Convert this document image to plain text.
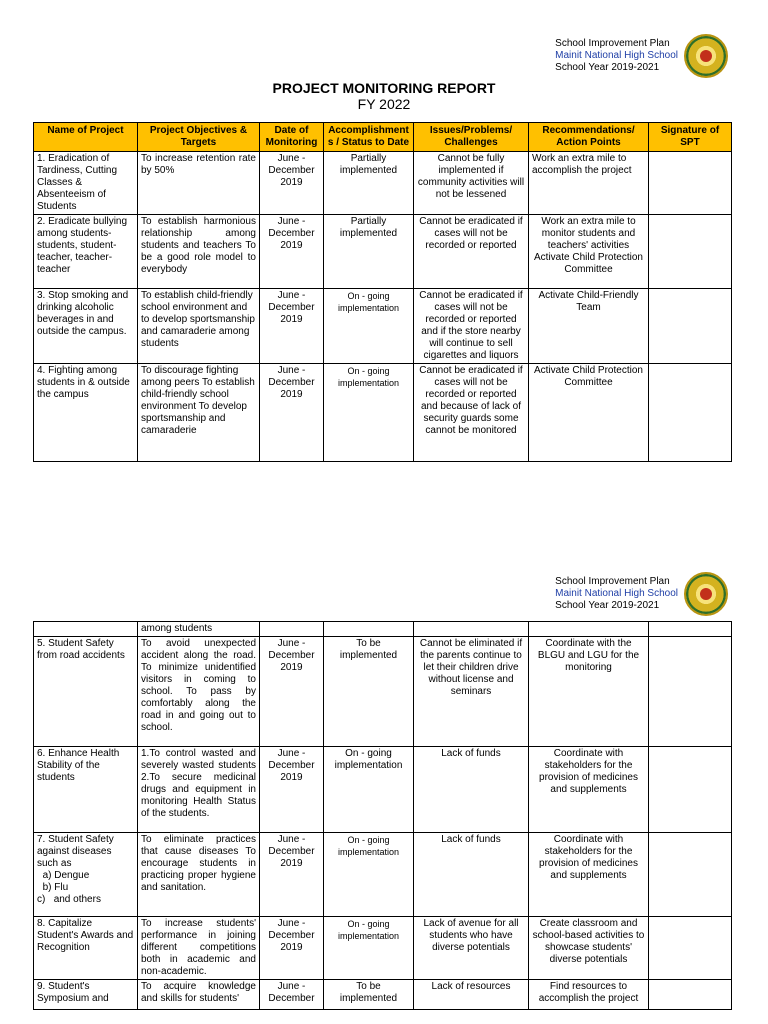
School Improvement Plan
Mainit National High School
School Year 2019-2021
PROJECT MONITORING REPORT
FY 2022
Name of Project	Project Objectives & Targets	Date of Monitoring	Accomplishments / Status to Date	Issues/Problems/ Challenges	Recommendations/ Action Points	Signature of SPT
1. Eradication of Tardiness, Cutting Classes & Absenteeism of Students	To increase retention rate by 50%	June - December 2019	Partially implemented	Cannot be fully implemented if community activities will not be lessened	Work an extra mile to accomplish the project	
2. Eradicate bullying among students-students, student-teacher, teacher-teacher	To establish harmonious relationship among students and teachers To be a good role model to everybody	June - December 2019	Partially implemented	Cannot be eradicated if cases will not be recorded or reported	Work an extra mile to monitor students and teachers' activities Activate Child Protection Committee	
3. Stop smoking and drinking alcoholic beverages in and outside the campus.	To establish child-friendly school environment and to develop sportsmanship and camaraderie among students	June - December 2019	On - going implementation	Cannot be eradicated if cases will not be recorded or reported and if the store nearby will continue to sell cigarettes and liquors	Activate Child-Friendly Team	
4. Fighting among students in & outside the campus	To discourage fighting among peers To establish child-friendly school environment To develop sportsmanship and camaraderie	June - December 2019	On - going implementation	Cannot be eradicated if cases will not be recorded or reported and because of lack of security guards some cannot be monitored	Activate Child Protection Committee	
School Improvement Plan
Mainit National High School
School Year 2019-2021
	among students					
5. Student Safety from road accidents	To avoid unexpected accident along the road. To minimize unidentified visitors in coming to school. To pass by comfortably along the road in and going out to school.	June - December 2019	To be implemented	Cannot be eliminated if the parents continue to let their children drive without license and seminars	Coordinate with the BLGU and LGU for the monitoring	
6. Enhance Health Stability of the students	1.To control wasted and severely wasted students 2.To secure medicinal drugs and equipment in monitoring Health Status of the students.	June - December 2019	On - going implementation	Lack of funds	Coordinate with stakeholders for the provision of medicines and supplements	
7. Student Safety against diseases such as
a) Dengue
b) Flu
c) and others	To eliminate practices that cause diseases To encourage students in practicing proper hygiene and sanitation.	June - December 2019	On - going implementation	Lack of funds	Coordinate with stakeholders for the provision of medicines and supplements	
8. Capitalize Student's Awards and Recognition	To increase students' performance in joining different competitions both in academic and non-academic.	June - December 2019	On - going implementation	Lack of avenue for all students who have diverse potentials	Create classroom and school-based activities to showcase students' diverse potentials	
9. Student's Symposium and	To acquire knowledge and skills for students'	June - December	To be implemented	Lack of resources	Find resources to accomplish the project	
